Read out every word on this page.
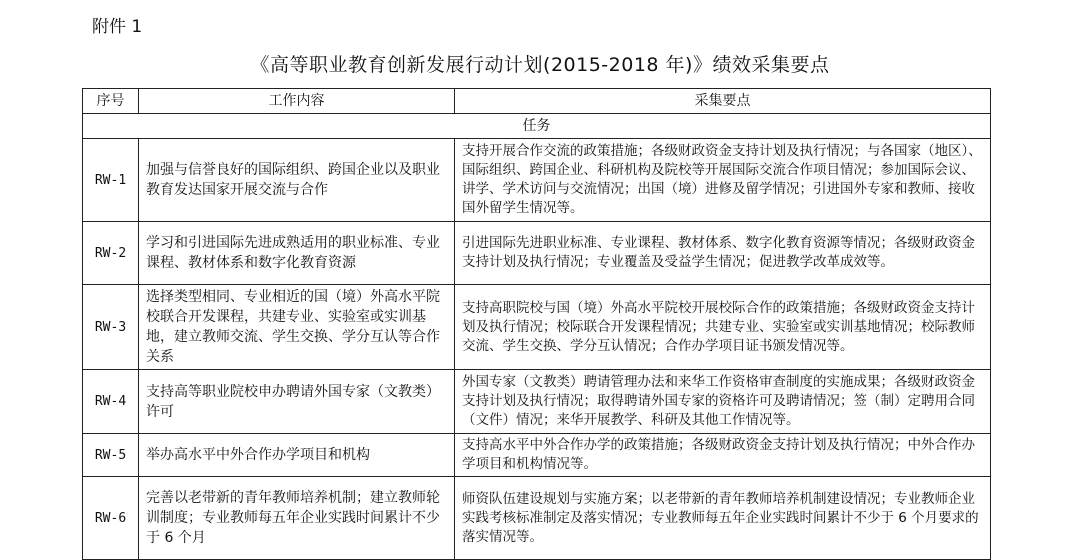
附件 1
《高等职业教育创新发展行动计划(2015-2018 年)》绩效采集要点
序号	工作内容	采集要点
任务		
RW-1	加强与信誉良好的国际组织、跨国企业以及职业教育发达国家开展交流与合作	支持开展合作交流的政策措施；各级财政资金支持计划及执行情况；与各国家（地区）、国际组织、跨国企业、科研机构及院校等开展国际交流合作项目情况；参加国际会议、讲学、学术访问与交流情况；出国（境）进修及留学情况；引进国外专家和教师、接收国外留学生情况等。
RW-2	学习和引进国际先进成熟适用的职业标准、专业课程、教材体系和数字化教育资源	引进国际先进职业标准、专业课程、教材体系、数字化教育资源等情况；各级财政资金支持计划及执行情况；专业覆盖及受益学生情况；促进教学改革成效等。
RW-3	选择类型相同、专业相近的国（境）外高水平院校联合开发课程，共建专业、实验室或实训基地，建立教师交流、学生交换、学分互认等合作关系	支持高职院校与国（境）外高水平院校开展校际合作的政策措施；各级财政资金支持计划及执行情况；校际联合开发课程情况；共建专业、实验室或实训基地情况；校际教师交流、学生交换、学分互认情况；合作办学项目证书颁发情况等。
RW-4	支持高等职业院校申办聘请外国专家（文教类）许可	外国专家（文教类）聘请管理办法和来华工作资格审查制度的实施成果；各级财政资金支持计划及执行情况；取得聘请外国专家的资格许可及聘请情况；签（制）定聘用合同（文件）情况；来华开展教学、科研及其他工作情况等。
RW-5	举办高水平中外合作办学项目和机构	支持高水平中外合作办学的政策措施；各级财政资金支持计划及执行情况；中外合作办学项目和机构情况等。
RW-6	完善以老带新的青年教师培养机制；建立教师轮训制度；专业教师每五年企业实践时间累计不少于 6 个月	师资队伍建设规划与实施方案；以老带新的青年教师培养机制建设情况；专业教师企业实践考核标准制定及落实情况；专业教师每五年企业实践时间累计不少于 6 个月要求的落实情况等。
